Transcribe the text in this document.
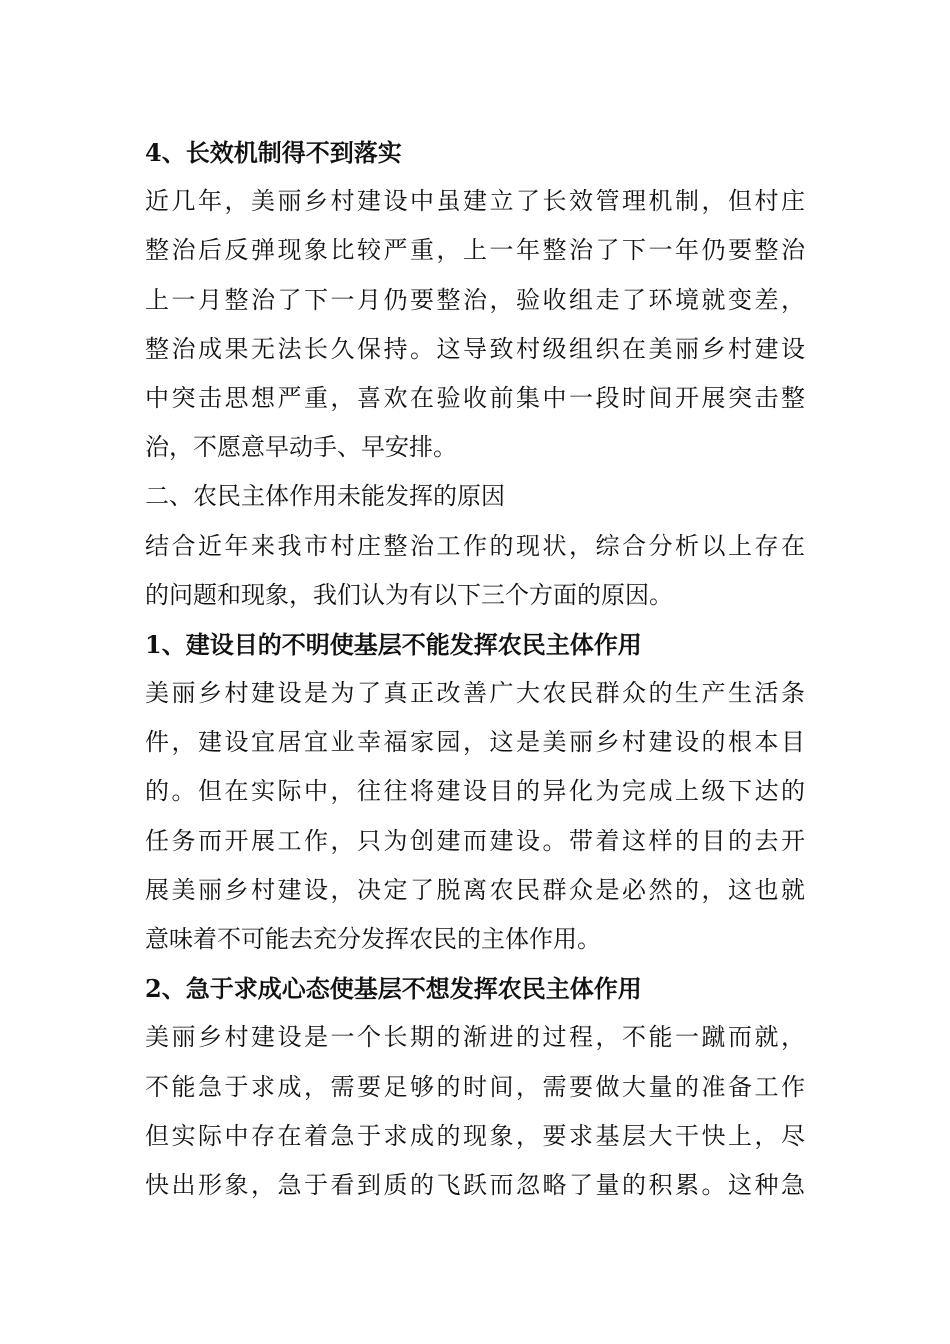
4、长效机制得不到落实
近几年，美丽乡村建设中虽建立了长效管理机制，但村庄
整治后反弹现象比较严重，上一年整治了下一年仍要整治
上一月整治了下一月仍要整治，验收组走了环境就变差，
整治成果无法长久保持。这导致村级组织在美丽乡村建设
中突击思想严重，喜欢在验收前集中一段时间开展突击整
治，不愿意早动手、早安排。
二、农民主体作用未能发挥的原因
结合近年来我市村庄整治工作的现状，综合分析以上存在
的问题和现象，我们认为有以下三个方面的原因。
1、建设目的不明使基层不能发挥农民主体作用
美丽乡村建设是为了真正改善广大农民群众的生产生活条
件，建设宜居宜业幸福家园，这是美丽乡村建设的根本目
的。但在实际中，往往将建设目的异化为完成上级下达的
任务而开展工作，只为创建而建设。带着这样的目的去开
展美丽乡村建设，决定了脱离农民群众是必然的，这也就
意味着不可能去充分发挥农民的主体作用。
2、急于求成心态使基层不想发挥农民主体作用
美丽乡村建设是一个长期的渐进的过程，不能一蹴而就，
不能急于求成，需要足够的时间，需要做大量的准备工作
但实际中存在着急于求成的现象，要求基层大干快上，尽
快出形象，急于看到质的飞跃而忽略了量的积累。这种急
